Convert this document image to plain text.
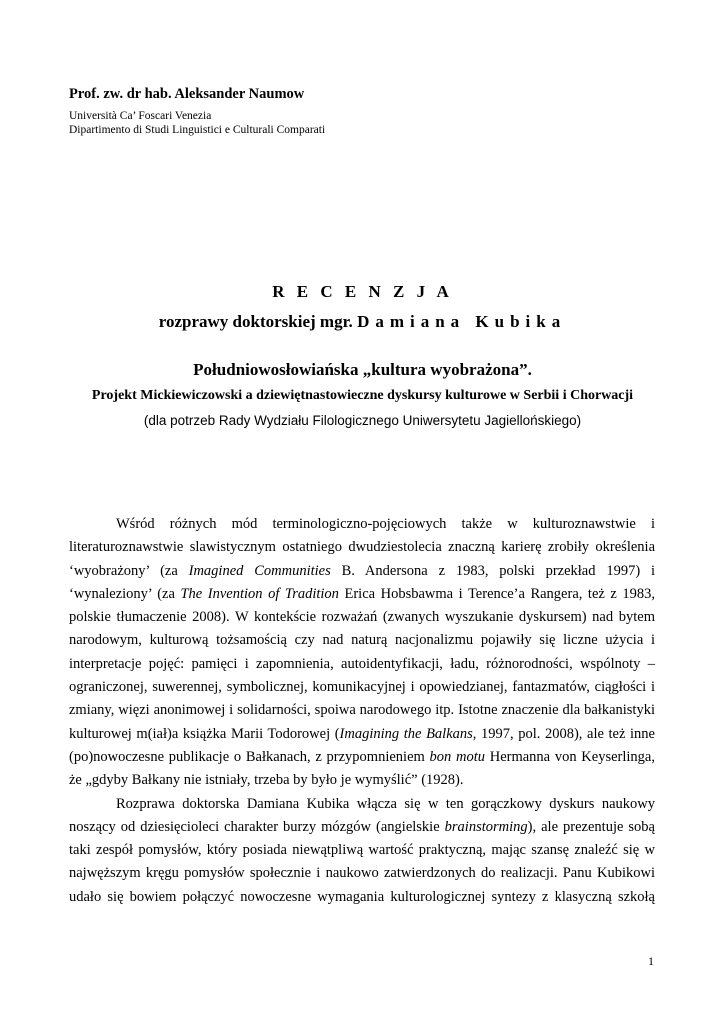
Prof. zw. dr hab. Aleksander Naumow
Università Ca’ Foscari Venezia
Dipartimento di Studi Linguistici e Culturali Comparati
R E C E N Z J A
rozprawy doktorskiej mgr. Damiana Kubika
Południowosłowiańska „kultura wyobrażona”.
Projekt Mickiewiczowski a dziewiętnastowieczne dyskursy kulturowe w Serbii i Chorwacji
(dla potrzeb Rady Wydziału Filologicznego Uniwersytetu Jagiellońskiego)
Wśród różnych mód terminologiczno-pojęciowych także w kulturoznawstwie i
literaturoznawstwie slawistycznym ostatniego dwudziestolecia znaczną karierę zrobiły określenia
‘wyobrażony’ (za Imagined Communities B. Andersona z 1983, polski przekład 1997) i
‘wynaleziony’ (za The Invention of Tradition Erica Hobsbawma i Terence’a Rangera, też z 1983,
polskie tłumaczenie 2008). W kontekście rozważań (zwanych wyszukanie dyskursem) nad bytem
narodowym, kulturową tożsamością czy nad naturą nacjonalizmu pojawiły się liczne użycia i
interpretacje pojęć: pamięci i zapomnienia, autoidentyfikacji, ładu, różnorodności, wspólnoty –
ograniczonej, suwerennej, symbolicznej, komunikacyjnej i opowiedzianej, fantazmatów, ciągłości i
zmiany, więzi anonimowej i solidarności, spoiwa narodowego itp. Istotne znaczenie dla bałkanistyki
kulturowej m(iał)a książka Marii Todorowej (Imagining the Balkans, 1997, pol. 2008), ale też inne
(po)nowoczesne publikacje o Bałkanach, z przypomnieniem bon motu Hermanna von Keyserlinga,
że „gdyby Bałkany nie istniały, trzeba by było je wymyślić” (1928).
Rozprawa doktorska Damiana Kubika włącza się w ten gorączkowy dyskurs naukowy
noszący od dziesięcioleci charakter burzy mózgów (angielskie brainstorming), ale prezentuje sobą
taki zespół pomysłów, który posiada niewątpliwą wartość praktyczną, mając szansę znaleźć się w
najwęższym kręgu pomysłów społecznie i naukowo zatwierdzonych do realizacji. Panu Kubikowi
udało się bowiem połączyć nowoczesne wymagania kulturologicznej syntezy z klasyczną szkołą
1
